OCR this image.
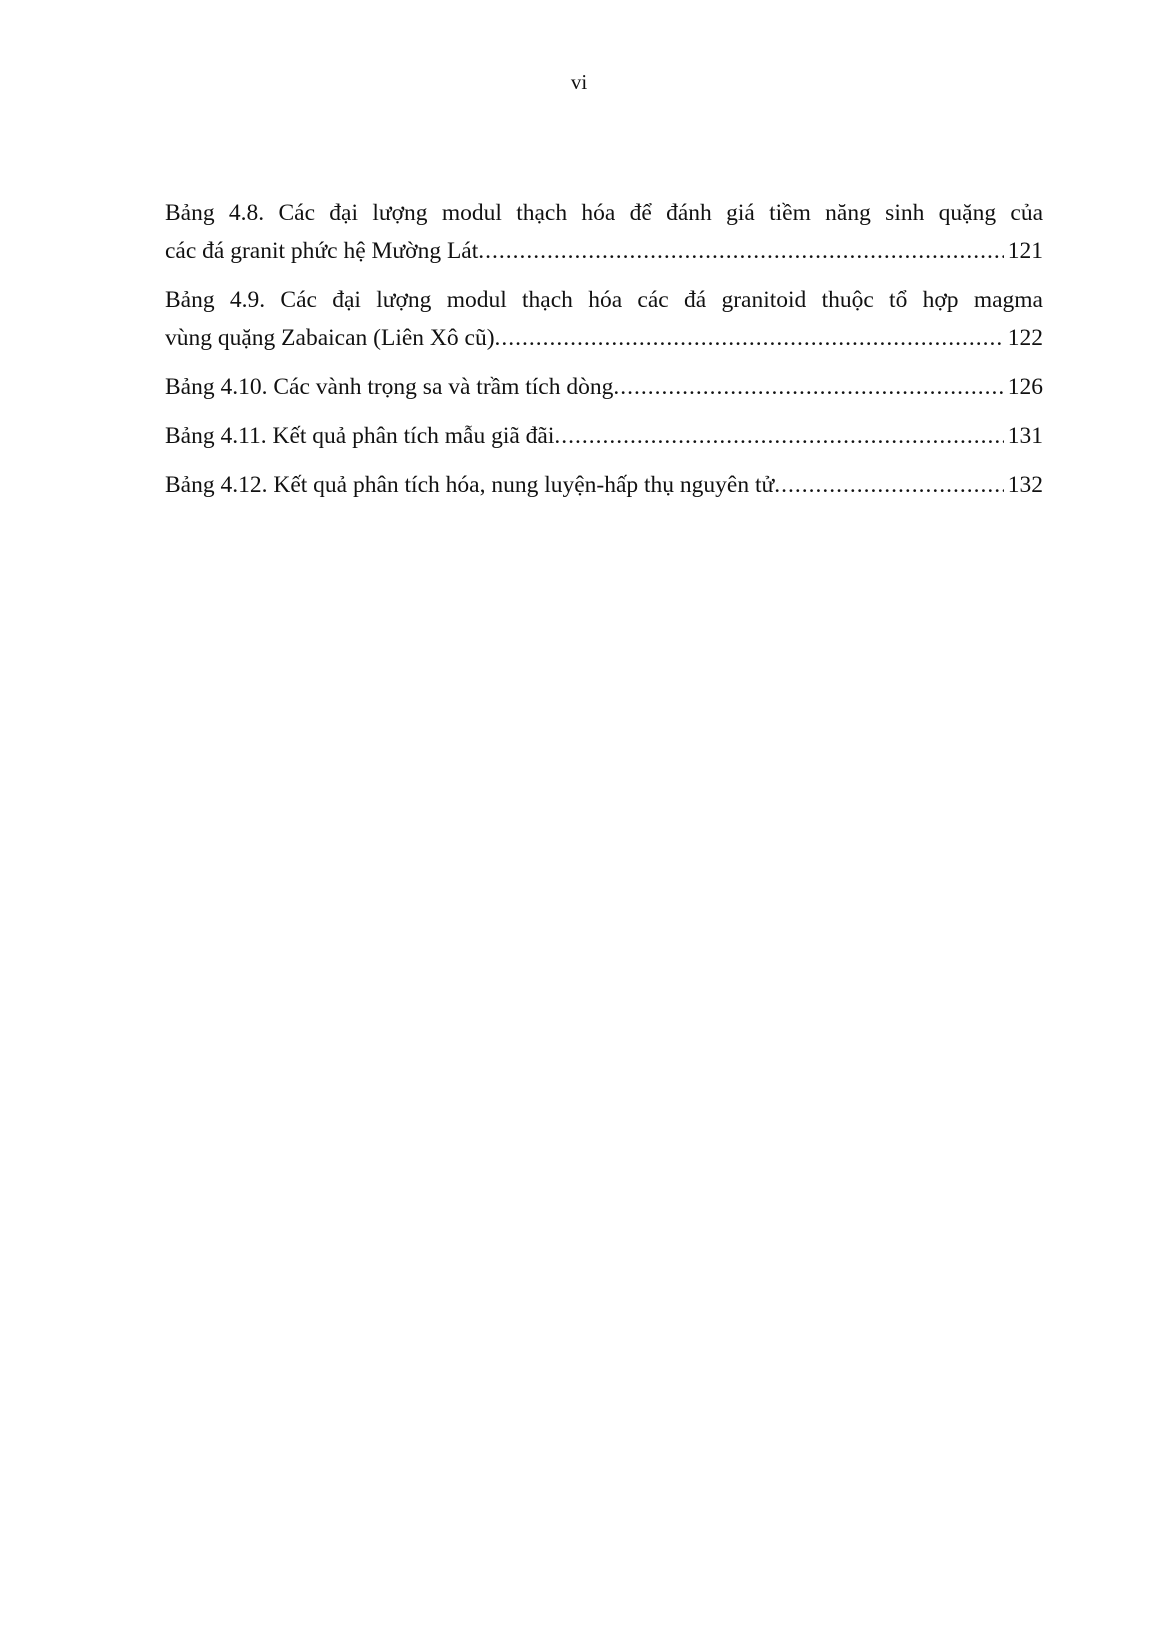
vi
Bảng 4.8. Các đại lượng modul thạch hóa để đánh giá tiềm năng sinh quặng của
các đá granit phức hệ Mường Lát .....	121
Bảng 4.9. Các đại lượng modul thạch hóa các đá granitoid thuộc tổ hợp magma
vùng quặng Zabaican (Liên Xô cũ) .....	122
Bảng 4.10. Các vành trọng sa và trầm tích dòng .....	126
Bảng 4.11. Kết quả phân tích mẫu giã đãi .....	131
Bảng 4.12. Kết quả phân tích hóa, nung luyện-hấp thụ nguyên tử .....	132
